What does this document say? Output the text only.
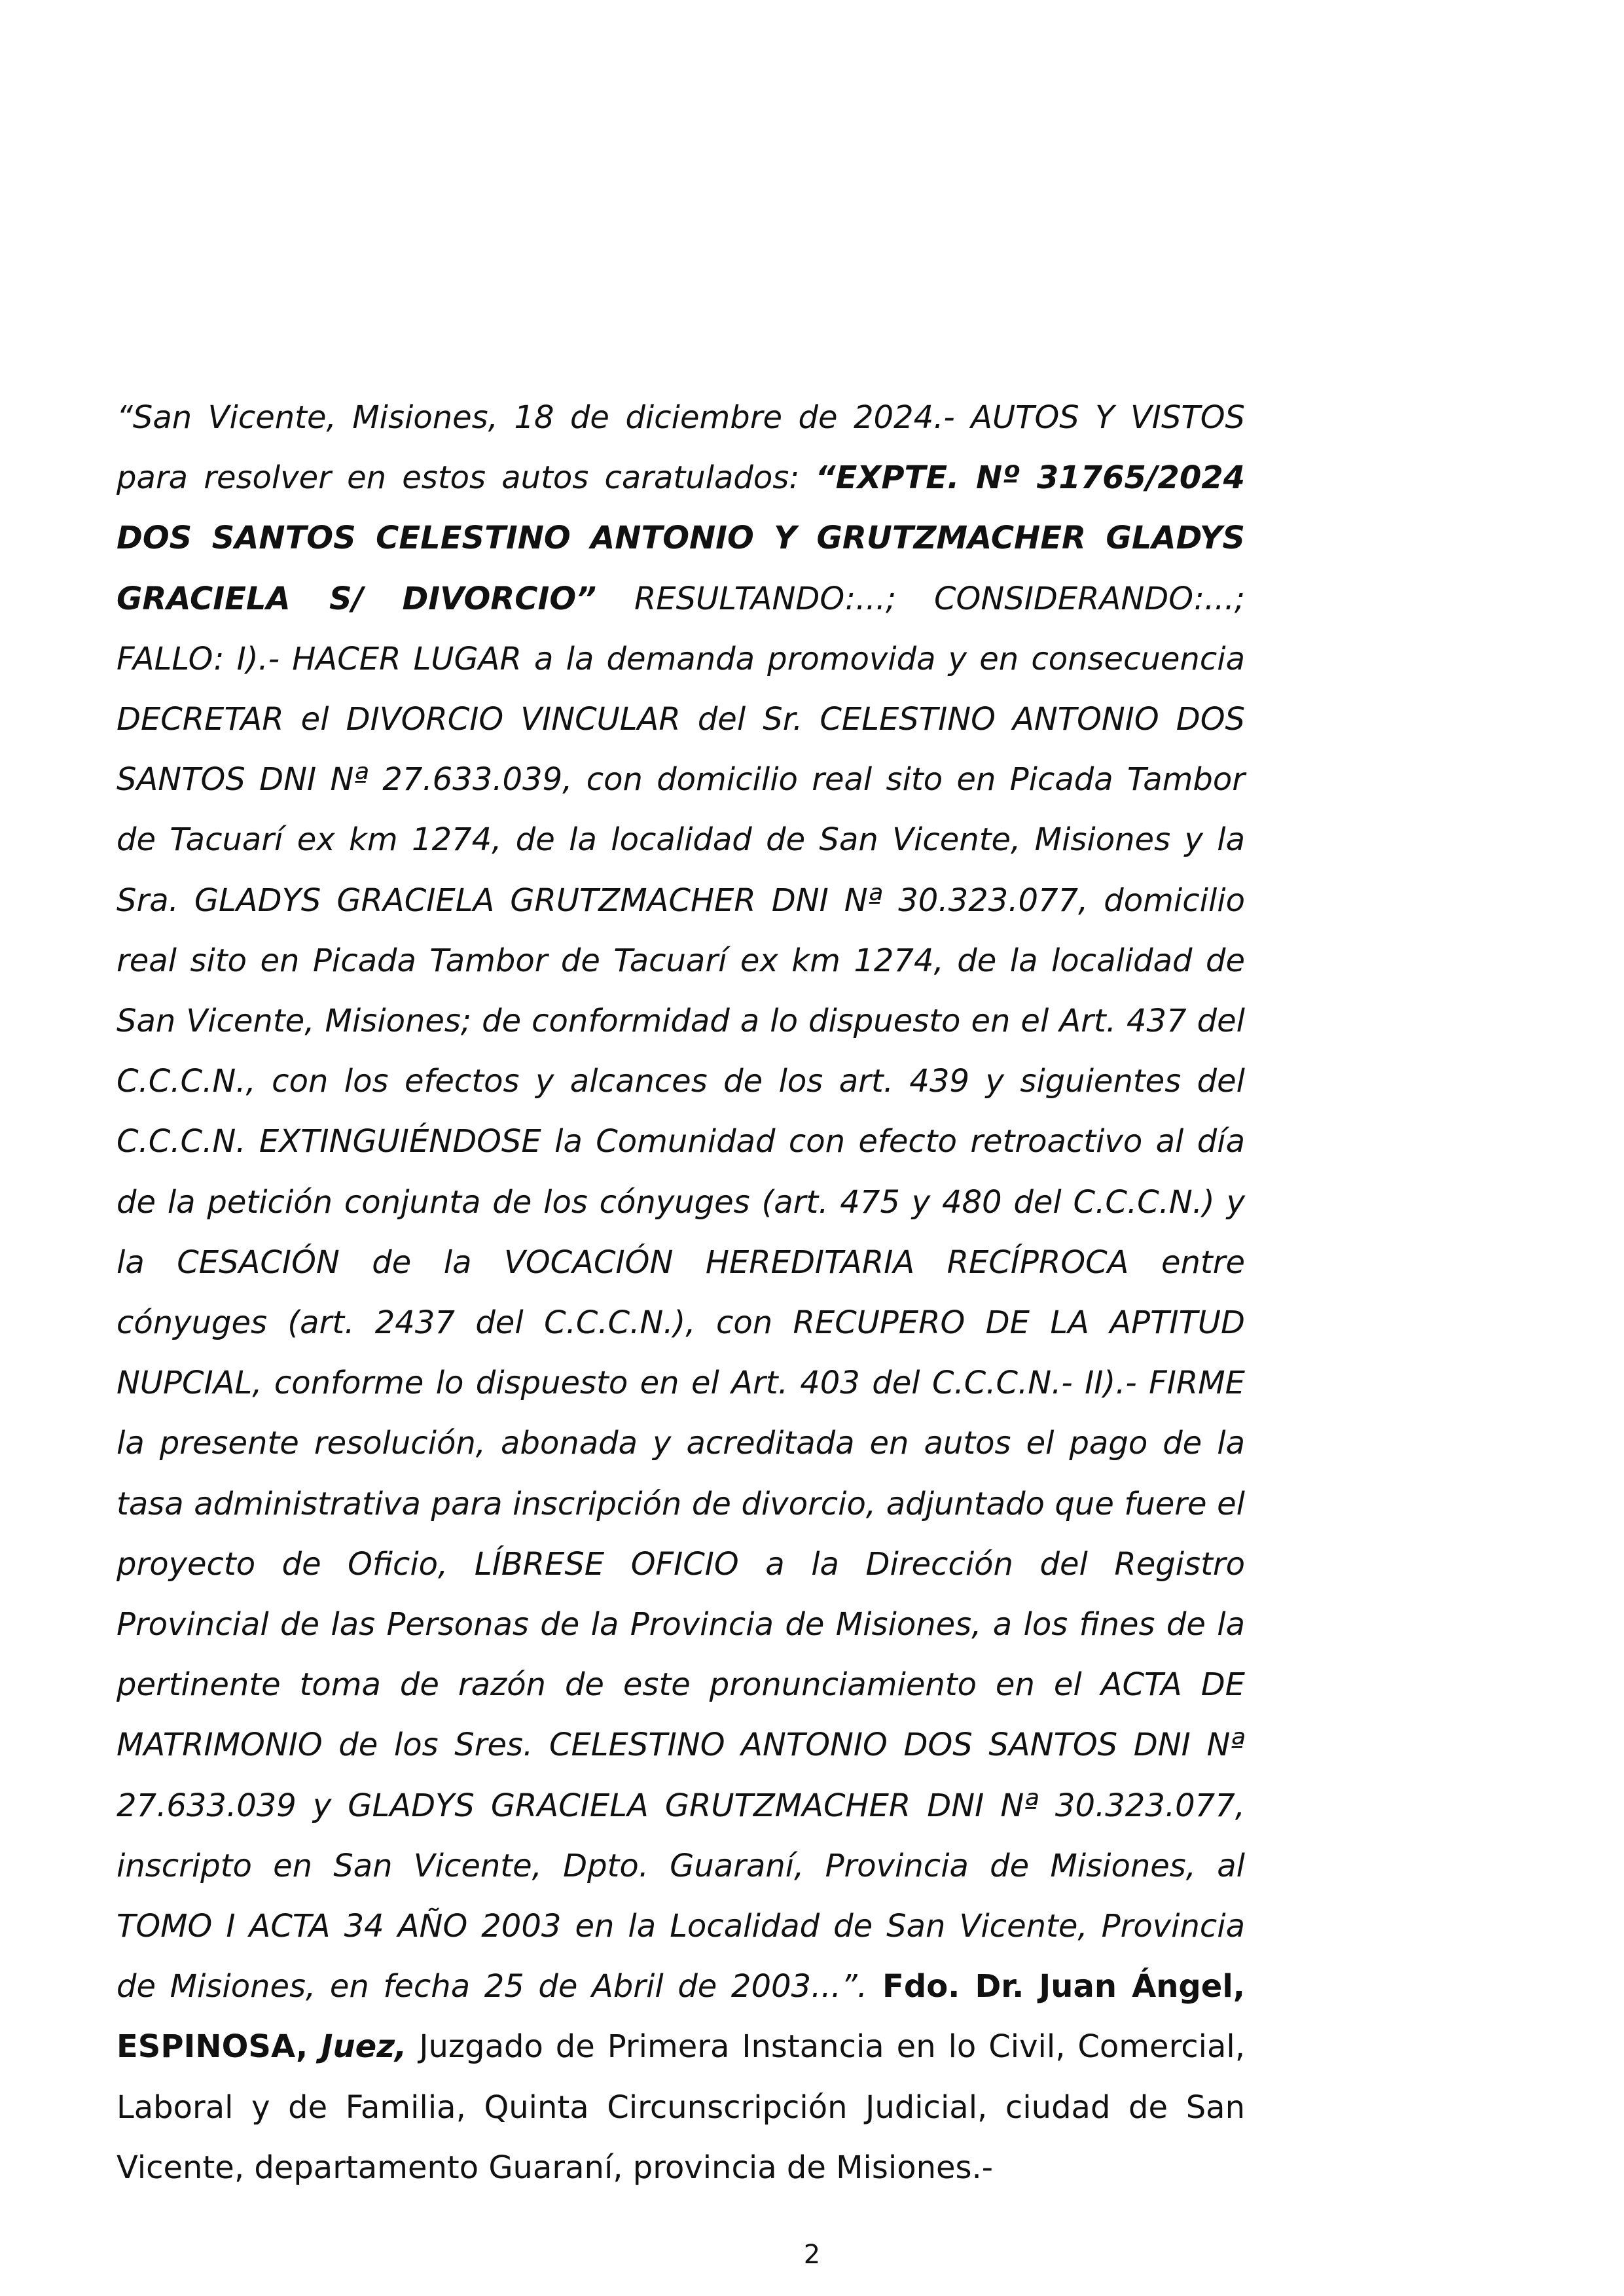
“San Vicente, Misiones, 18 de diciembre de 2024.- AUTOS Y VISTOS para resolver en estos autos caratulados: “EXPTE. Nº 31765/2024 DOS SANTOS CELESTINO ANTONIO Y GRUTZMACHER GLADYS GRACIELA S/ DIVORCIO” RESULTANDO:...; CONSIDERANDO:...; FALLO: I).- HACER LUGAR a la demanda promovida y en consecuencia DECRETAR el DIVORCIO VINCULAR del Sr. CELESTINO ANTONIO DOS SANTOS DNI Nª 27.633.039, con domicilio real sito en Picada Tambor de Tacuarí ex km 1274, de la localidad de San Vicente, Misiones y la Sra. GLADYS GRACIELA GRUTZMACHER DNI Nª 30.323.077, domicilio real sito en Picada Tambor de Tacuarí ex km 1274, de la localidad de San Vicente, Misiones; de conformidad a lo dispuesto en el Art. 437 del C.C.C.N., con los efectos y alcances de los art. 439 y siguientes del C.C.C.N. EXTINGUIÉNDOSE la Comunidad con efecto retroactivo al día de la petición conjunta de los cónyuges (art. 475 y 480 del C.C.C.N.) y la CESACIÓN de la VOCACIÓN HEREDITARIA RECÍPROCA entre cónyuges (art. 2437 del C.C.C.N.), con RECUPERO DE LA APTITUD NUPCIAL, conforme lo dispuesto en el Art. 403 del C.C.C.N.- II).- FIRME la presente resolución, abonada y acreditada en autos el pago de la tasa administrativa para inscripción de divorcio, adjuntado que fuere el proyecto de Oficio, LÍBRESE OFICIO a la Dirección del Registro Provincial de las Personas de la Provincia de Misiones, a los fines de la pertinente toma de razón de este pronunciamiento en el ACTA DE MATRIMONIO de los Sres. CELESTINO ANTONIO DOS SANTOS DNI Nª 27.633.039 y GLADYS GRACIELA GRUTZMACHER DNI Nª 30.323.077, inscripto en San Vicente, Dpto. Guaraní, Provincia de Misiones, al TOMO I ACTA 34 AÑO 2003 en la Localidad de San Vicente, Provincia de Misiones, en fecha 25 de Abril de 2003...”. Fdo. Dr. Juan Ángel, ESPINOSA, Juez, Juzgado de Primera Instancia en lo Civil, Comercial, Laboral y de Familia, Quinta Circunscripción Judicial, ciudad de San Vicente, departamento Guaraní, provincia de Misiones.-

2
